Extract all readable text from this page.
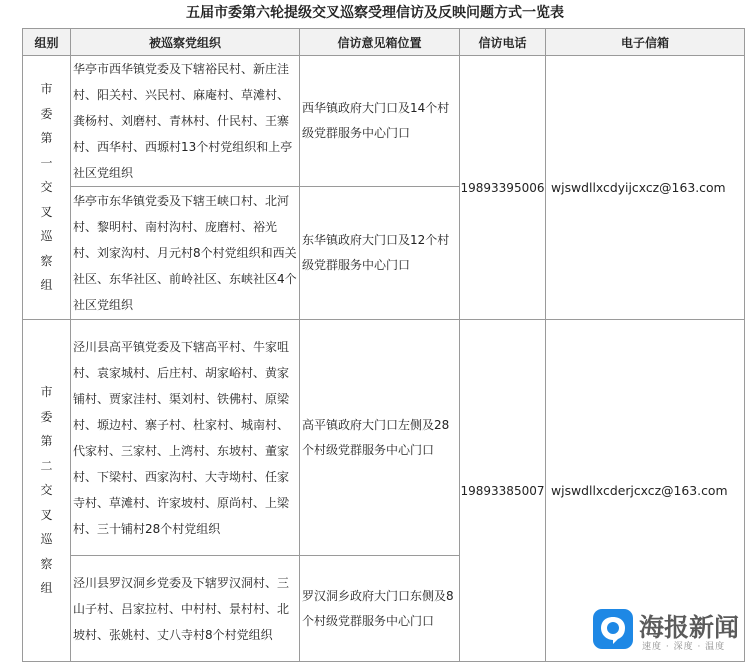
五届市委第六轮提级交叉巡察受理信访及反映问题方式一览表
组别	被巡察党组织	信访意见箱位置	信访电话	电子信箱
市委第一交叉巡察组	华亭市西华镇党委及下辖裕民村、新庄洼村、阳关村、兴民村、麻庵村、草滩村、龚杨村、刘磨村、青林村、什民村、王寨村、西华村、西塬村13个村党组织和上亭社区党组织	西华镇政府大门口及14个村级党群服务中心门口	19893395006	wjswdllxcdyijcxcz@163.com
	华亭市东华镇党委及下辖王峡口村、北河村、黎明村、南村沟村、庞磨村、裕光村、刘家沟村、月元村8个村党组织和西关社区、东华社区、前岭社区、东峡社区4个社区党组织	东华镇政府大门口及12个村级党群服务中心门口		
市委第二交叉巡察组	泾川县高平镇党委及下辖高平村、牛家咀村、袁家城村、后庄村、胡家峪村、黄家铺村、贾家洼村、渠刘村、铁佛村、原梁村、塬边村、寨子村、杜家村、城南村、代家村、三家村、上湾村、东坡村、董家村、下梁村、西家沟村、大寺坳村、任家寺村、草滩村、许家坡村、原尚村、上梁村、三十铺村28个村党组织	高平镇政府大门口左侧及28个村级党群服务中心门口	19893385007	wjswdllxcderjcxcz@163.com
	泾川县罗汉洞乡党委及下辖罗汉洞村、三山子村、吕家拉村、中村村、景村村、北坡村、张姚村、丈八寺村8个村党组织	罗汉洞乡政府大门口东侧及8个村级党群服务中心门口			海报新闻
速度 · 深度 · 温度
